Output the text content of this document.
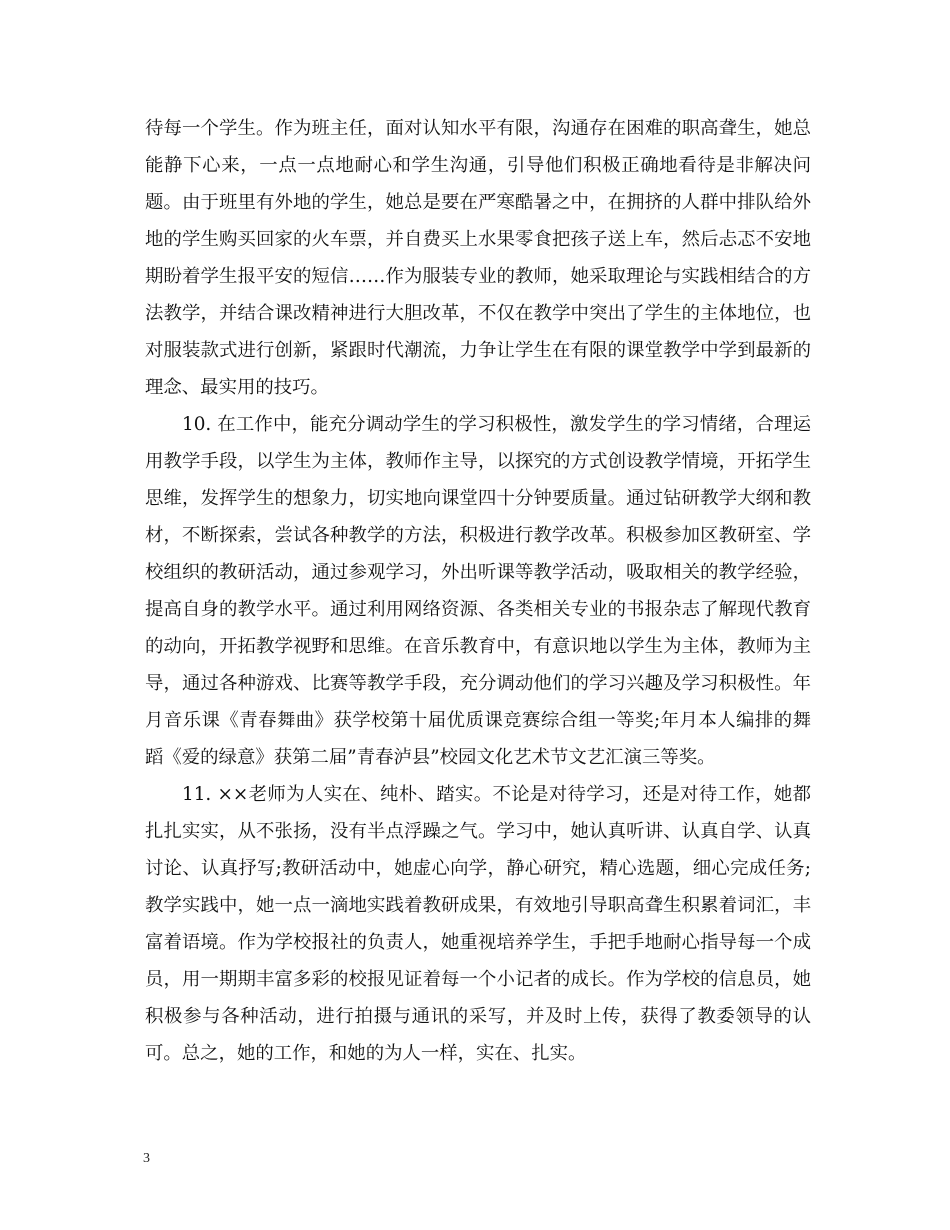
待每一个学生。作为班主任，面对认知水平有限，沟通存在困难的职高聋生，她总能静下心来，一点一点地耐心和学生沟通，引导他们积极正确地看待是非解决问题。由于班里有外地的学生，她总是要在严寒酷暑之中，在拥挤的人群中排队给外地的学生购买回家的火车票，并自费买上水果零食把孩子送上车，然后忐忑不安地期盼着学生报平安的短信……作为服装专业的教师，她采取理论与实践相结合的方法教学，并结合课改精神进行大胆改革，不仅在教学中突出了学生的主体地位，也对服装款式进行创新，紧跟时代潮流，力争让学生在有限的课堂教学中学到最新的理念、最实用的技巧。

10. 在工作中，能充分调动学生的学习积极性，激发学生的学习情绪，合理运用教学手段，以学生为主体，教师作主导，以探究的方式创设教学情境，开拓学生思维，发挥学生的想象力，切实地向课堂四十分钟要质量。通过钻研教学大纲和教材，不断探索，尝试各种教学的方法，积极进行教学改革。积极参加区教研室、学校组织的教研活动，通过参观学习，外出听课等教学活动，吸取相关的教学经验，提高自身的教学水平。通过利用网络资源、各类相关专业的书报杂志了解现代教育的动向，开拓教学视野和思维。在音乐教育中，有意识地以学生为主体，教师为主导，通过各种游戏、比赛等教学手段，充分调动他们的学习兴趣及学习积极性。年月音乐课《青春舞曲》获学校第十届优质课竞赛综合组一等奖;年月本人编排的舞蹈《爱的绿意》获第二届”青春泸县”校园文化艺术节文艺汇演三等奖。

11. ××老师为人实在、纯朴、踏实。不论是对待学习，还是对待工作，她都扎扎实实，从不张扬，没有半点浮躁之气。学习中，她认真听讲、认真自学、认真讨论、认真抒写;教研活动中，她虚心向学，静心研究，精心选题，细心完成任务;教学实践中，她一点一滴地实践着教研成果，有效地引导职高聋生积累着词汇，丰富着语境。作为学校报社的负责人，她重视培养学生，手把手地耐心指导每一个成员，用一期期丰富多彩的校报见证着每一个小记者的成长。作为学校的信息员，她积极参与各种活动，进行拍摄与通讯的采写，并及时上传，获得了教委领导的认可。总之，她的工作，和她的为人一样，实在、扎实。

3
